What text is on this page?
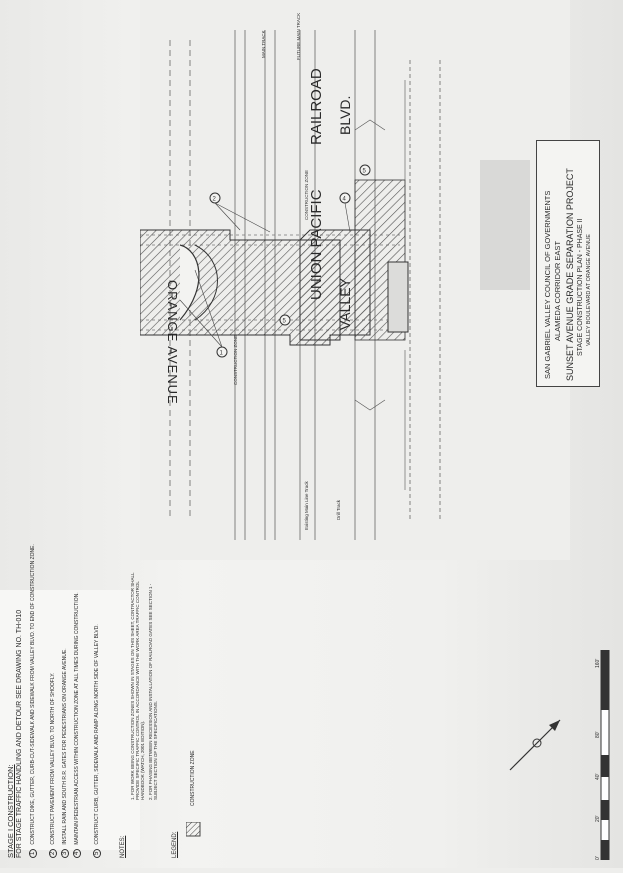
STAGE I CONSTRUCTION: FOR STAGE TRAFFIC HANDLING AND DETOUR SEE DRAWING NO. TH-010 1CONSTRUCT DIKE, GUTTER, CURB-CUT-SIDEWALK AND SIDEWALK FROM VALLEY BLVD. TO END OF CONSTRUCTION ZONE.
2CONSTRUCT PAVEMENT FROM VALLEY BLVD. TO NORTH OF SHOOFLY.
3INSTALL RAIN AND SOUTH R.R. GATES FOR PEDESTRIANS ON ORANGE AVENUE.
4MAINTAIN PEDESTRIAN ACCESS WITHIN CONSTRUCTION ZONE AT ALL TIMES DURING CONSTRUCTION.
5CONSTRUCT CURB, GUTTER, SIDEWALK AND RAMP ALONG NORTH SIDE OF VALLEY BLVD.
NOTES:
1. FOR WORK BEING CONSTRUCTION ZONES SHOWN IN STAGES ON THIS SHEET, CONTRACTOR SHALL PROVIDE SPECIFIC TRAFFIC CONTROL IN ACCORDANCE WITH THE WORK AREA TRAFFIC CONTROL HANDBOOK (WATCH, 2001 EDITION). 2. FOR PHASING BETWEEN RECESSION AND INSTALLATION OF RAILROAD GATES SEE SECTION 1 - SUBJECT SECTION OF THE SPECIFICATIONS.
LEGEND:
CONSTRUCTION ZONE
1
2	4
5
5
ORANGE AVENUE
UNION PACIFIC
RAILROAD
VALLEY
BLVD.
CONSTRUCTION ZONE
CONSTRUCTION ZONE
MAIN TRACK	FUTURE MAIN TRACK
Existing Main Line Track	Drill Track
SAN GABRIEL VALLEY COUNCIL OF GOVERNMENTS ALAMEDA CORRIDOR EAST SUNSET AVENUE GRADE SEPARATION PROJECT STAGE CONSTRUCTION PLAN - PHASE II VALLEY BOULEVARD AT ORANGE AVENUE
0'
20'
40'
80'
160'
